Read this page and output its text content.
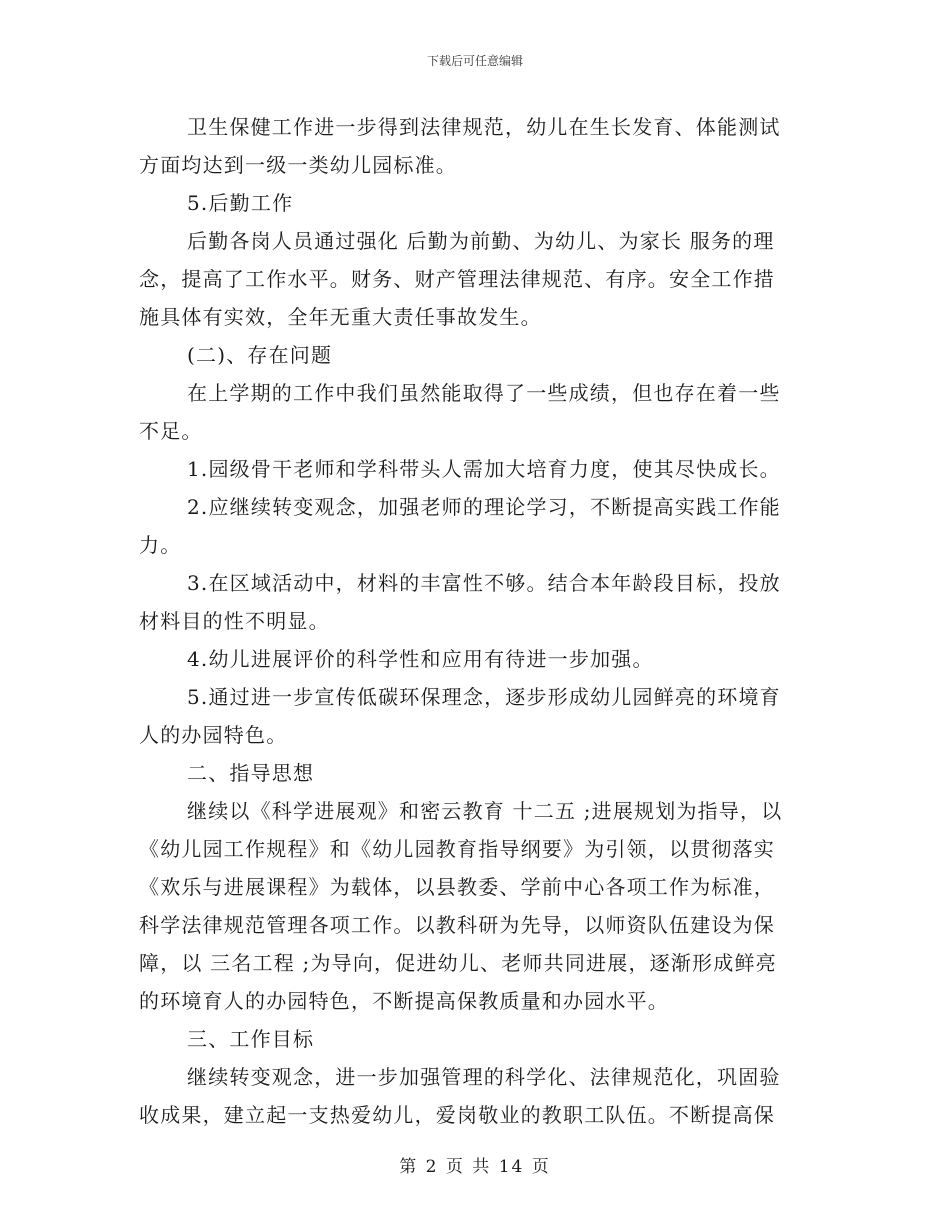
下载后可任意编辑
卫生保健工作进一步得到法律规范，幼儿在生长发育、体能测试
方面均达到一级一类幼儿园标准。
5.后勤工作
后勤各岗人员通过强化 后勤为前勤、为幼儿、为家长 服务的理
念，提高了工作水平。财务、财产管理法律规范、有序。安全工作措
施具体有实效，全年无重大责任事故发生。
(二)、存在问题
在上学期的工作中我们虽然能取得了一些成绩，但也存在着一些
不足。
1.园级骨干老师和学科带头人需加大培育力度，使其尽快成长。
2.应继续转变观念，加强老师的理论学习，不断提高实践工作能
力。
3.在区域活动中，材料的丰富性不够。结合本年龄段目标，投放
材料目的性不明显。
4.幼儿进展评价的科学性和应用有待进一步加强。
5.通过进一步宣传低碳环保理念，逐步形成幼儿园鲜亮的环境育
人的办园特色。
二、指导思想
继续以《科学进展观》和密云教育 十二五 ;进展规划为指导，以
《幼儿园工作规程》和《幼儿园教育指导纲要》为引领，以贯彻落实
《欢乐与进展课程》为载体，以县教委、学前中心各项工作为标准，
科学法律规范管理各项工作。以教科研为先导，以师资队伍建设为保
障，以 三名工程 ;为导向，促进幼儿、老师共同进展，逐渐形成鲜亮
的环境育人的办园特色，不断提高保教质量和办园水平。
三、工作目标
继续转变观念，进一步加强管理的科学化、法律规范化，巩固验
收成果，建立起一支热爱幼儿，爱岗敬业的教职工队伍。不断提高保
第 2 页 共 14 页
